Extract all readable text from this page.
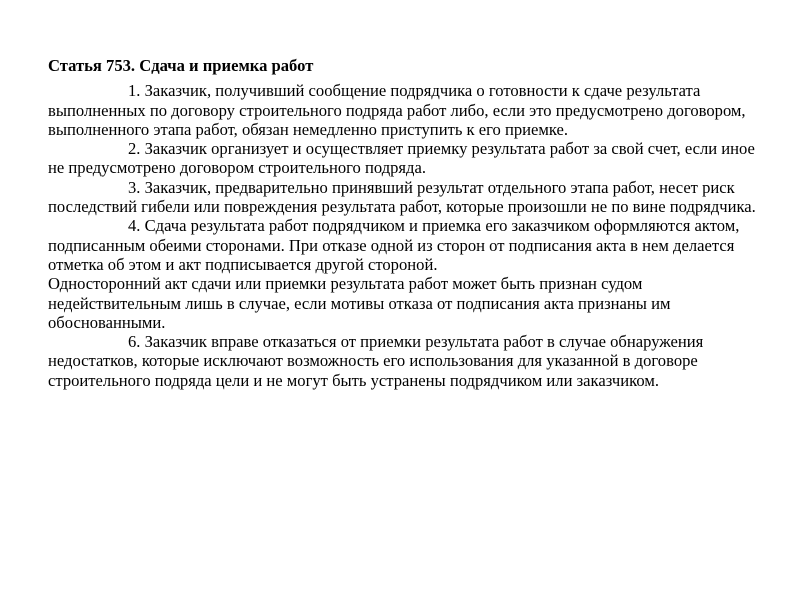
Статья 753. Сдача и приемка работ

1. Заказчик, получивший сообщение подрядчика о готовности к сдаче результата выполненных по договору строительного подряда работ либо, если это предусмотрено договором, выполненного этапа работ, обязан немедленно приступить к его приемке.

2. Заказчик организует и осуществляет приемку результата работ за свой счет, если иное не предусмотрено договором строительного подряда.

3. Заказчик, предварительно принявший результат отдельного этапа работ, несет риск последствий гибели или повреждения результата работ, которые произошли не по вине подрядчика.

4. Сдача результата работ подрядчиком и приемка его заказчиком оформляются актом, подписанным обеими сторонами. При отказе одной из сторон от подписания акта в нем делается отметка об этом и акт подписывается другой стороной.

Односторонний акт сдачи или приемки результата работ может быть признан судом недействительным лишь в случае, если мотивы отказа от подписания акта признаны им обоснованными.

6. Заказчик вправе отказаться от приемки результата работ в случае обнаружения недостатков, которые исключают возможность его использования для указанной в договоре строительного подряда цели и не могут быть устранены подрядчиком или заказчиком.
